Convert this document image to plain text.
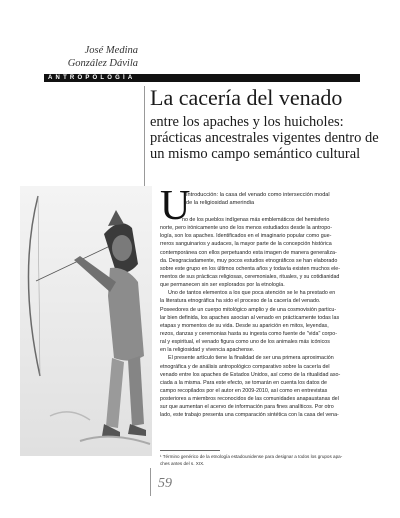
José Medina
González Dávila
ANTROPOLOGÍA
La cacería del venado
entre los apaches y los huicholes:
prácticas ancestrales vigentes dentro de
un mismo campo semántico cultural
U
Introducción: la casa del venado como intersección modal
de la religiosidad amerindia
no de los pueblos indígenas más emblemáticos del hemisferio
norte, pero irónicamente uno de los menos estudiados desde la antropo-
logía, son los apaches. Identificados en el imaginario popular como gue-
rreros sanguinarios y audaces, la mayor parte de la concepción histórica
contemporánea con ellos perpetuando esta imagen de manera generaliza-
da. Desgraciadamente, muy pocos estudios etnográficos se han elaborado
sobre este grupo en los últimos ochenta años y todavía existen muchos ele-
mentos de sus prácticas religiosas, ceremoniales, rituales, y su cotidianidad
que permanecen sin ser explorados por la etnología.
Uno de tantos elementos a los que poca atención se le ha prestado en
la literatura etnográfica ha sido el proceso de la cacería del venado.
Poseedores de un cuerpo mitológico amplio y de una cosmovisión particu-
lar bien definida, los apaches asocian al venado en prácticamente todas las
etapas y momentos de su vida. Desde su aparición en mitos, leyendas,
rezos, danzas y ceremonias hasta su ingesta como fuente de "vida" corpo-
ral y espiritual, el venado figura como uno de los animales más icónicos
en la religiosidad y vivencia apachense.
El presente artículo tiene la finalidad de ser una primera aproximación
etnográfica y de análisis antropológico comparativo sobre la cacería del
venado entre los apaches de Estados Unidos, así como de la ritualidad aso-
ciada a la misma. Para este efecto, se tomarán en cuenta los datos de
campo recopilados por el autor en 2009-2010, así como en entrevistas
posteriores a miembros reconocidos de las comunidades anapaustanas del
sur que aumentan el acervo de información para fines analíticos. Por otro
lado, este trabajo presenta una comparación sintética con la casa del vena-
¹ Término genérico de la etnología estadounidense para designar a todos los grupos apa-
ches antes del s. XIX.
59
